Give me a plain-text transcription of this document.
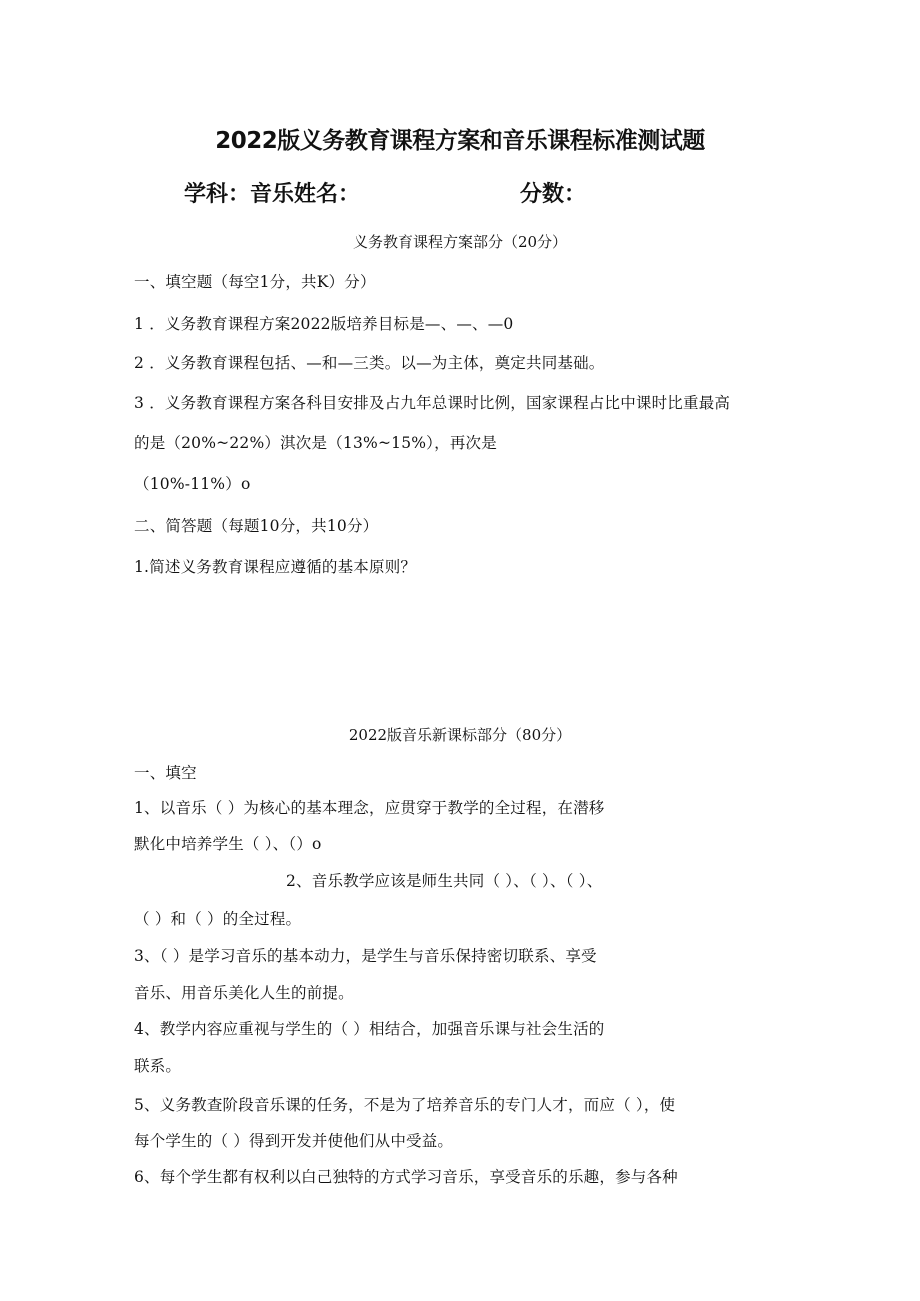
2022版义务教育课程方案和音乐课程标准测试题
学科：音乐姓名：	分数：
义务教育课程方案部分（20分）
一、填空题（每空1分，共K）分）
1 ．义务教育课程方案2022版培养目标是—、—、—0
2 ．义务教育课程包括、—和—三类。以—为主体，奠定共同基础。
3 ．义务教育课程方案各科目安排及占九年总课时比例，国家课程占比中课时比重最高
的是（20%~22%）淇次是（13%~15%），再次是
（10%-11%）o
二、简答题（每题10分，共10分）
1.简述义务教育课程应遵循的基本原则？
2022版音乐新课标部分（80分）
一、填空
1、以音乐（ ）为核心的基本理念，应贯穿于教学的全过程，在潜移
默化中培养学生（ ）、（）o
2、音乐教学应该是师生共同（ ）、（ ）、（ ）、
（ ）和（ ）的全过程。
3、（ ）是学习音乐的基本动力，是学生与音乐保持密切联系、享受
音乐、用音乐美化人生的前提。
4、教学内容应重视与学生的（ ）相结合，加强音乐课与社会生活的
联系。
5、义务教查阶段音乐课的任务，不是为了培养音乐的专门人才，而应（ ），使
每个学生的（ ）得到开发并使他们从中受益。
6、每个学生都有权利以白己独特的方式学习音乐，享受音乐的乐趣，参与各种
